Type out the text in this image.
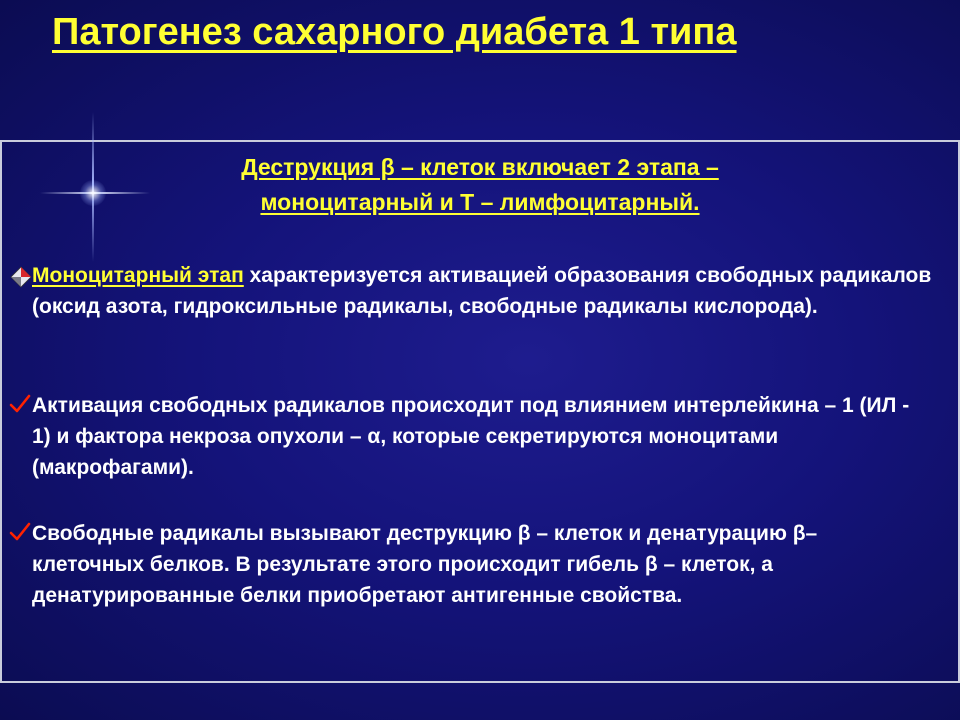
Патогенез сахарного диабета 1 типа
Деструкция β – клеток включает 2 этапа –
моноцитарный и Т – лимфоцитарный.

Моноцитарный этап характеризуется активацией образования свободных радикалов (оксид азота, гидроксильные радикалы, свободные радикалы кислорода).

Активация свободных радикалов происходит под влиянием интерлейкина – 1 (ИЛ - 1) и фактора некроза опухоли – α, которые секретируются моноцитами (макрофагами).

Свободные радикалы вызывают деструкцию β – клеток и денатурацию β– клеточных белков. В результате этого происходит гибель β – клеток, а денатурированные белки приобретают антигенные свойства.
